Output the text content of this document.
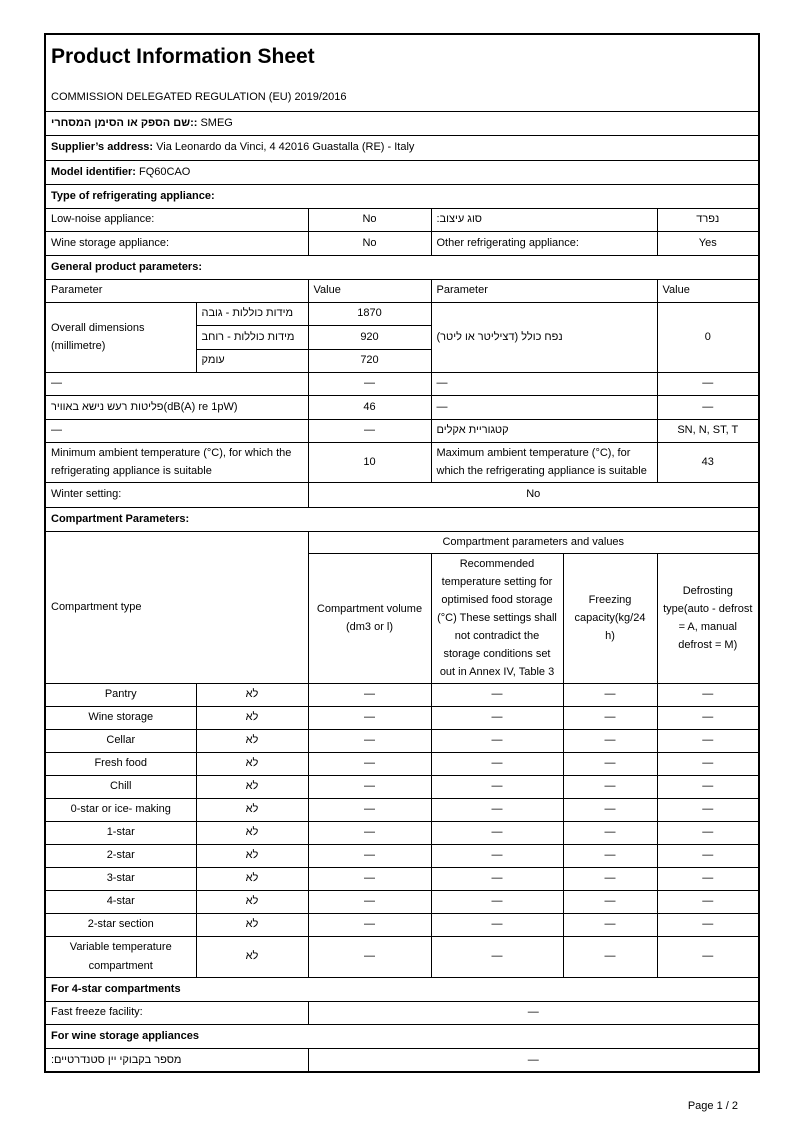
Product Information Sheet
COMMISSION DELEGATED REGULATION (EU) 2019/2016					

שם הספק או הסימן המסחרי:: SMEG					
Supplier’s address: Via Leonardo da Vinci, 4 42016 Guastalla (RE) - Italy					
Model identifier: FQ60CAO					
Type of refrigerating appliance:					
Low-noise appliance:		No	סוג עיצוב:		נפרד
Wine storage appliance:		No	Other refrigerating appliance:		Yes
General product parameters:					
Parameter		Value	Parameter		Value
Overall dimensions (millimetre)	מידות כוללות - גובה	1870	נפח כולל (דציליטר או ליטר)		0
	מידות כוללות - רוחב	920			
	עומק	720			
—		—	—		—
פליטות רעש נישא באוויר(dB(A) re 1pW)		46	—		—
—		—	קטגוריית אקלים		SN, N, ST, T
Minimum ambient temperature (°C), for which the refrigerating appliance is suitable		10	Maximum ambient temperature (°C), for which the refrigerating appliance is suitable		43
Winter setting:		No			
Compartment Parameters:					
Compartment type		Compartment parameters and values			
		Compartment volume (dm3 or l)	Recommended temperature setting for optimised food storage (°C) These settings shall not contradict the storage conditions set out in Annex IV, Table 3	Freezing capacity(kg/24 h)	Defrosting type(auto - defrost = A, manual defrost = M)
Pantry	לא	—	—	—	—
Wine storage	לא	—	—	—	—
Cellar	לא	—	—	—	—
Fresh food	לא	—	—	—	—
Chill	לא	—	—	—	—
0-star or ice- making	לא	—	—	—	—
1-star	לא	—	—	—	—
2-star	לא	—	—	—	—
3-star	לא	—	—	—	—
4-star	לא	—	—	—	—
2-star section	לא	—	—	—	—
Variable temperature compartment	לא	—	—	—	—
For 4-star compartments					
Fast freeze facility:		—			
For wine storage appliances					
מספר בקבוקי יין סטנדרטיים:		—			
Page 1 / 2
